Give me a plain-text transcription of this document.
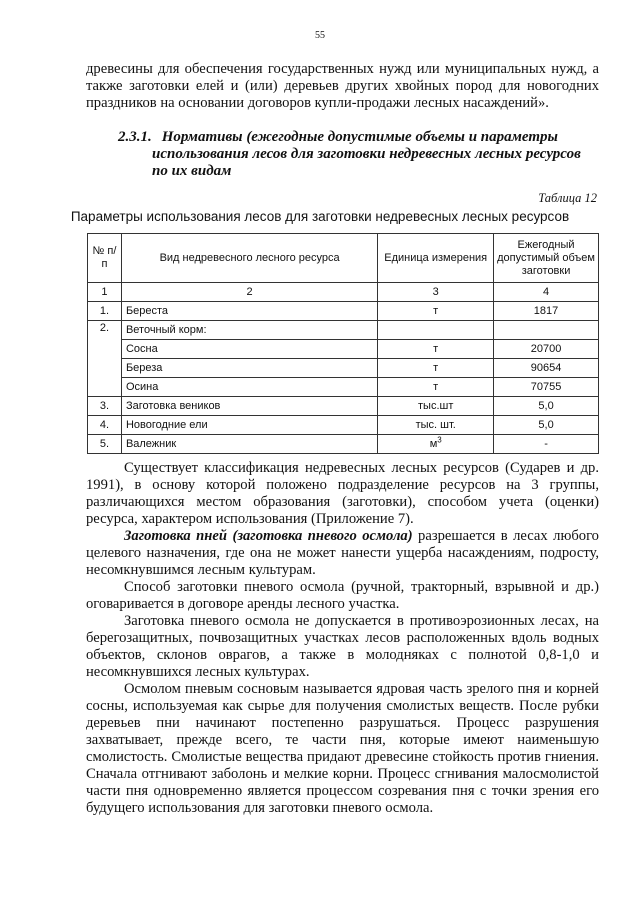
55

древесины для обеспечения государственных нужд или муниципальных нужд, а также заготовки елей и (или) деревьев других хвойных пород для новогодних праздников на основании договоров купли-продажи лесных насаждений».

2.3.1. Нормативы (ежегодные допустимые объемы и параметры
использования лесов для заготовки недревесных лесных ресурсов
по их видам

Таблица 12

Параметры использования лесов для заготовки недревесных лесных ресурсов

№ п/п	Вид недревесного лесного ресурса	Единица измерения	Ежегодный допустимый объем заготовки
1	2	3	4
1.	Береста	т	1817
2.	Веточный корм:		
	Сосна	т	20700
	Береза	т	90654
	Осина	т	70755
3.	Заготовка веников	тыс.шт	5,0
4.	Новогодние ели	тыс. шт.	5,0
5.	Валежник	$м^3$	-

Существует классификация недревесных лесных ресурсов (Сударев и др. 1991), в основу которой положено подразделение ресурсов на 3 группы, различающихся местом образования (заготовки), способом учета (оценки) ресурса, характером использования (Приложение 7).

Заготовка пней (заготовка пневого осмола) разрешается в лесах любого целевого назначения, где она не может нанести ущерба насаждениям, подросту, несомкнувшимся лесным культурам.

Способ заготовки пневого осмола (ручной, тракторный, взрывной и др.) оговаривается в договоре аренды лесного участка.

Заготовка пневого осмола не допускается в противоэрозионных лесах, на берегозащитных, почвозащитных участках лесов расположенных вдоль водных объектов, склонов оврагов, а также в молодняках с полнотой 0,8-1,0 и несомкнувшихся лесных культурах.

Осмолом пневым сосновым называется ядровая часть зрелого пня и корней сосны, используемая как сырье для получения смолистых веществ. После рубки деревьев пни начинают постепенно разрушаться. Процесс разрушения захватывает, прежде всего, те части пня, которые имеют наименьшую смолистость. Смолистые вещества придают древесине стойкость против гниения. Сначала отгнивают заболонь и мелкие корни. Процесс сгнивания малосмолистой части пня одновременно является процессом созревания пня с точки зрения его будущего использования для заготовки пневого осмола.
